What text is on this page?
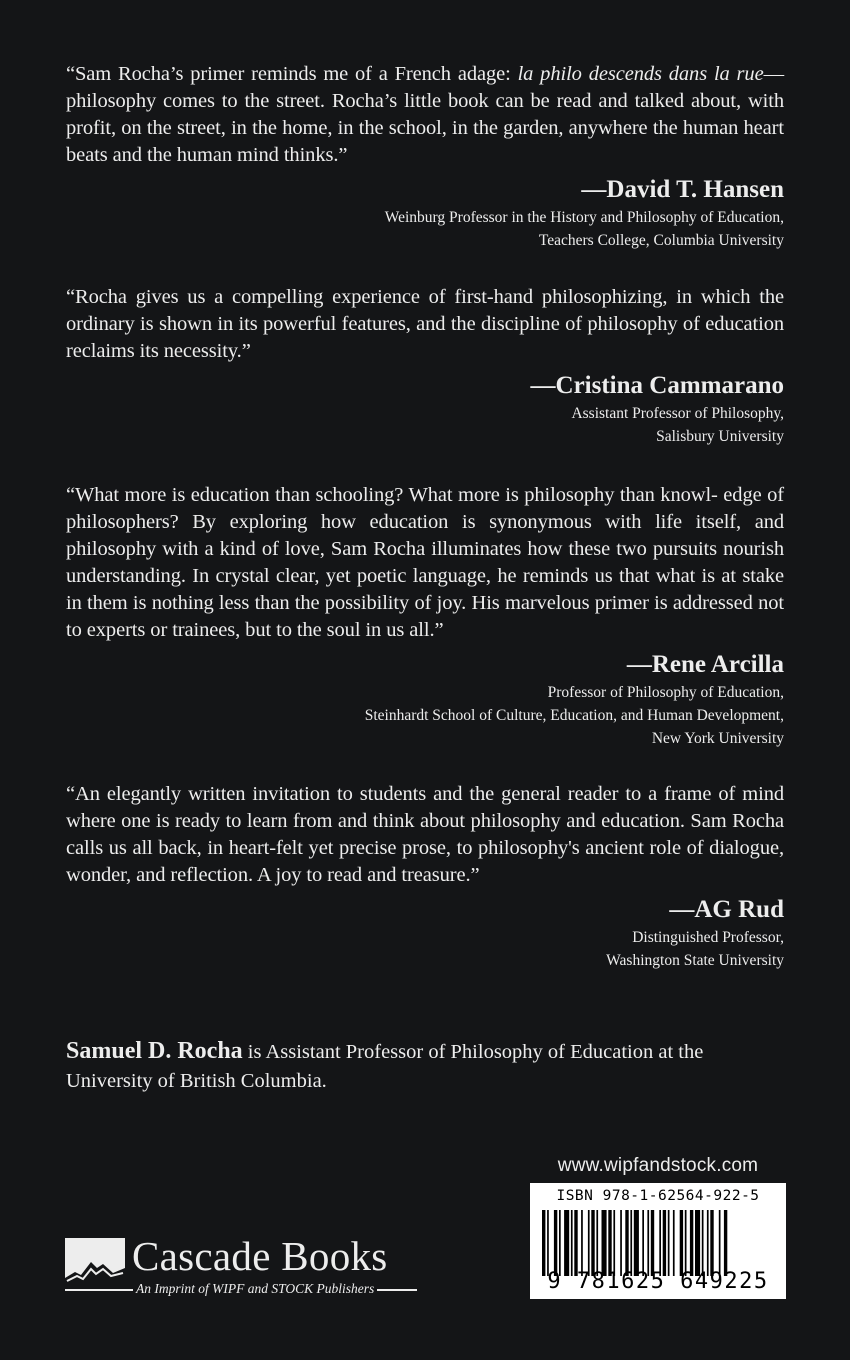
“Sam Rocha’s primer reminds me of a French adage: la philo descends dans la rue— philosophy comes to the street. Rocha’s little book can be read and talked about, with profit, on the street, in the home, in the school, in the garden, anywhere the human heart beats and the human mind thinks.”

—David T. Hansen
Weinburg Professor in the History and Philosophy of Education,
Teachers College, Columbia University

“Rocha gives us a compelling experience of first-hand philosophizing, in which the ordinary is shown in its powerful features, and the discipline of philosophy of education reclaims its necessity.”

—Cristina Cammarano
Assistant Professor of Philosophy,
Salisbury University

“What more is education than schooling? What more is philosophy than knowl- edge of philosophers? By exploring how education is synonymous with life itself, and philosophy with a kind of love, Sam Rocha illuminates how these two pursuits nourish understanding. In crystal clear, yet poetic language, he reminds us that what is at stake in them is nothing less than the possibility of joy. His marvelous primer is addressed not to experts or trainees, but to the soul in us all.”

—Rene Arcilla
Professor of Philosophy of Education,
Steinhardt School of Culture, Education, and Human Development,
New York University

“An elegantly written invitation to students and the general reader to a frame of mind where one is ready to learn from and think about philosophy and education. Sam Rocha calls us all back, in heart-felt yet precise prose, to philosophy's ancient role of dialogue, wonder, and reflection. A joy to read and treasure.”

—AG Rud
Distinguished Professor,
Washington State University

Samuel D. Rocha is Assistant Professor of Philosophy of Education at the University of British Columbia.

Cascade Books
An Imprint of WIPF and STOCK Publishers
www.wipfandstock.com
ISBN 978-1-62564-922-5
9 781625 649225
